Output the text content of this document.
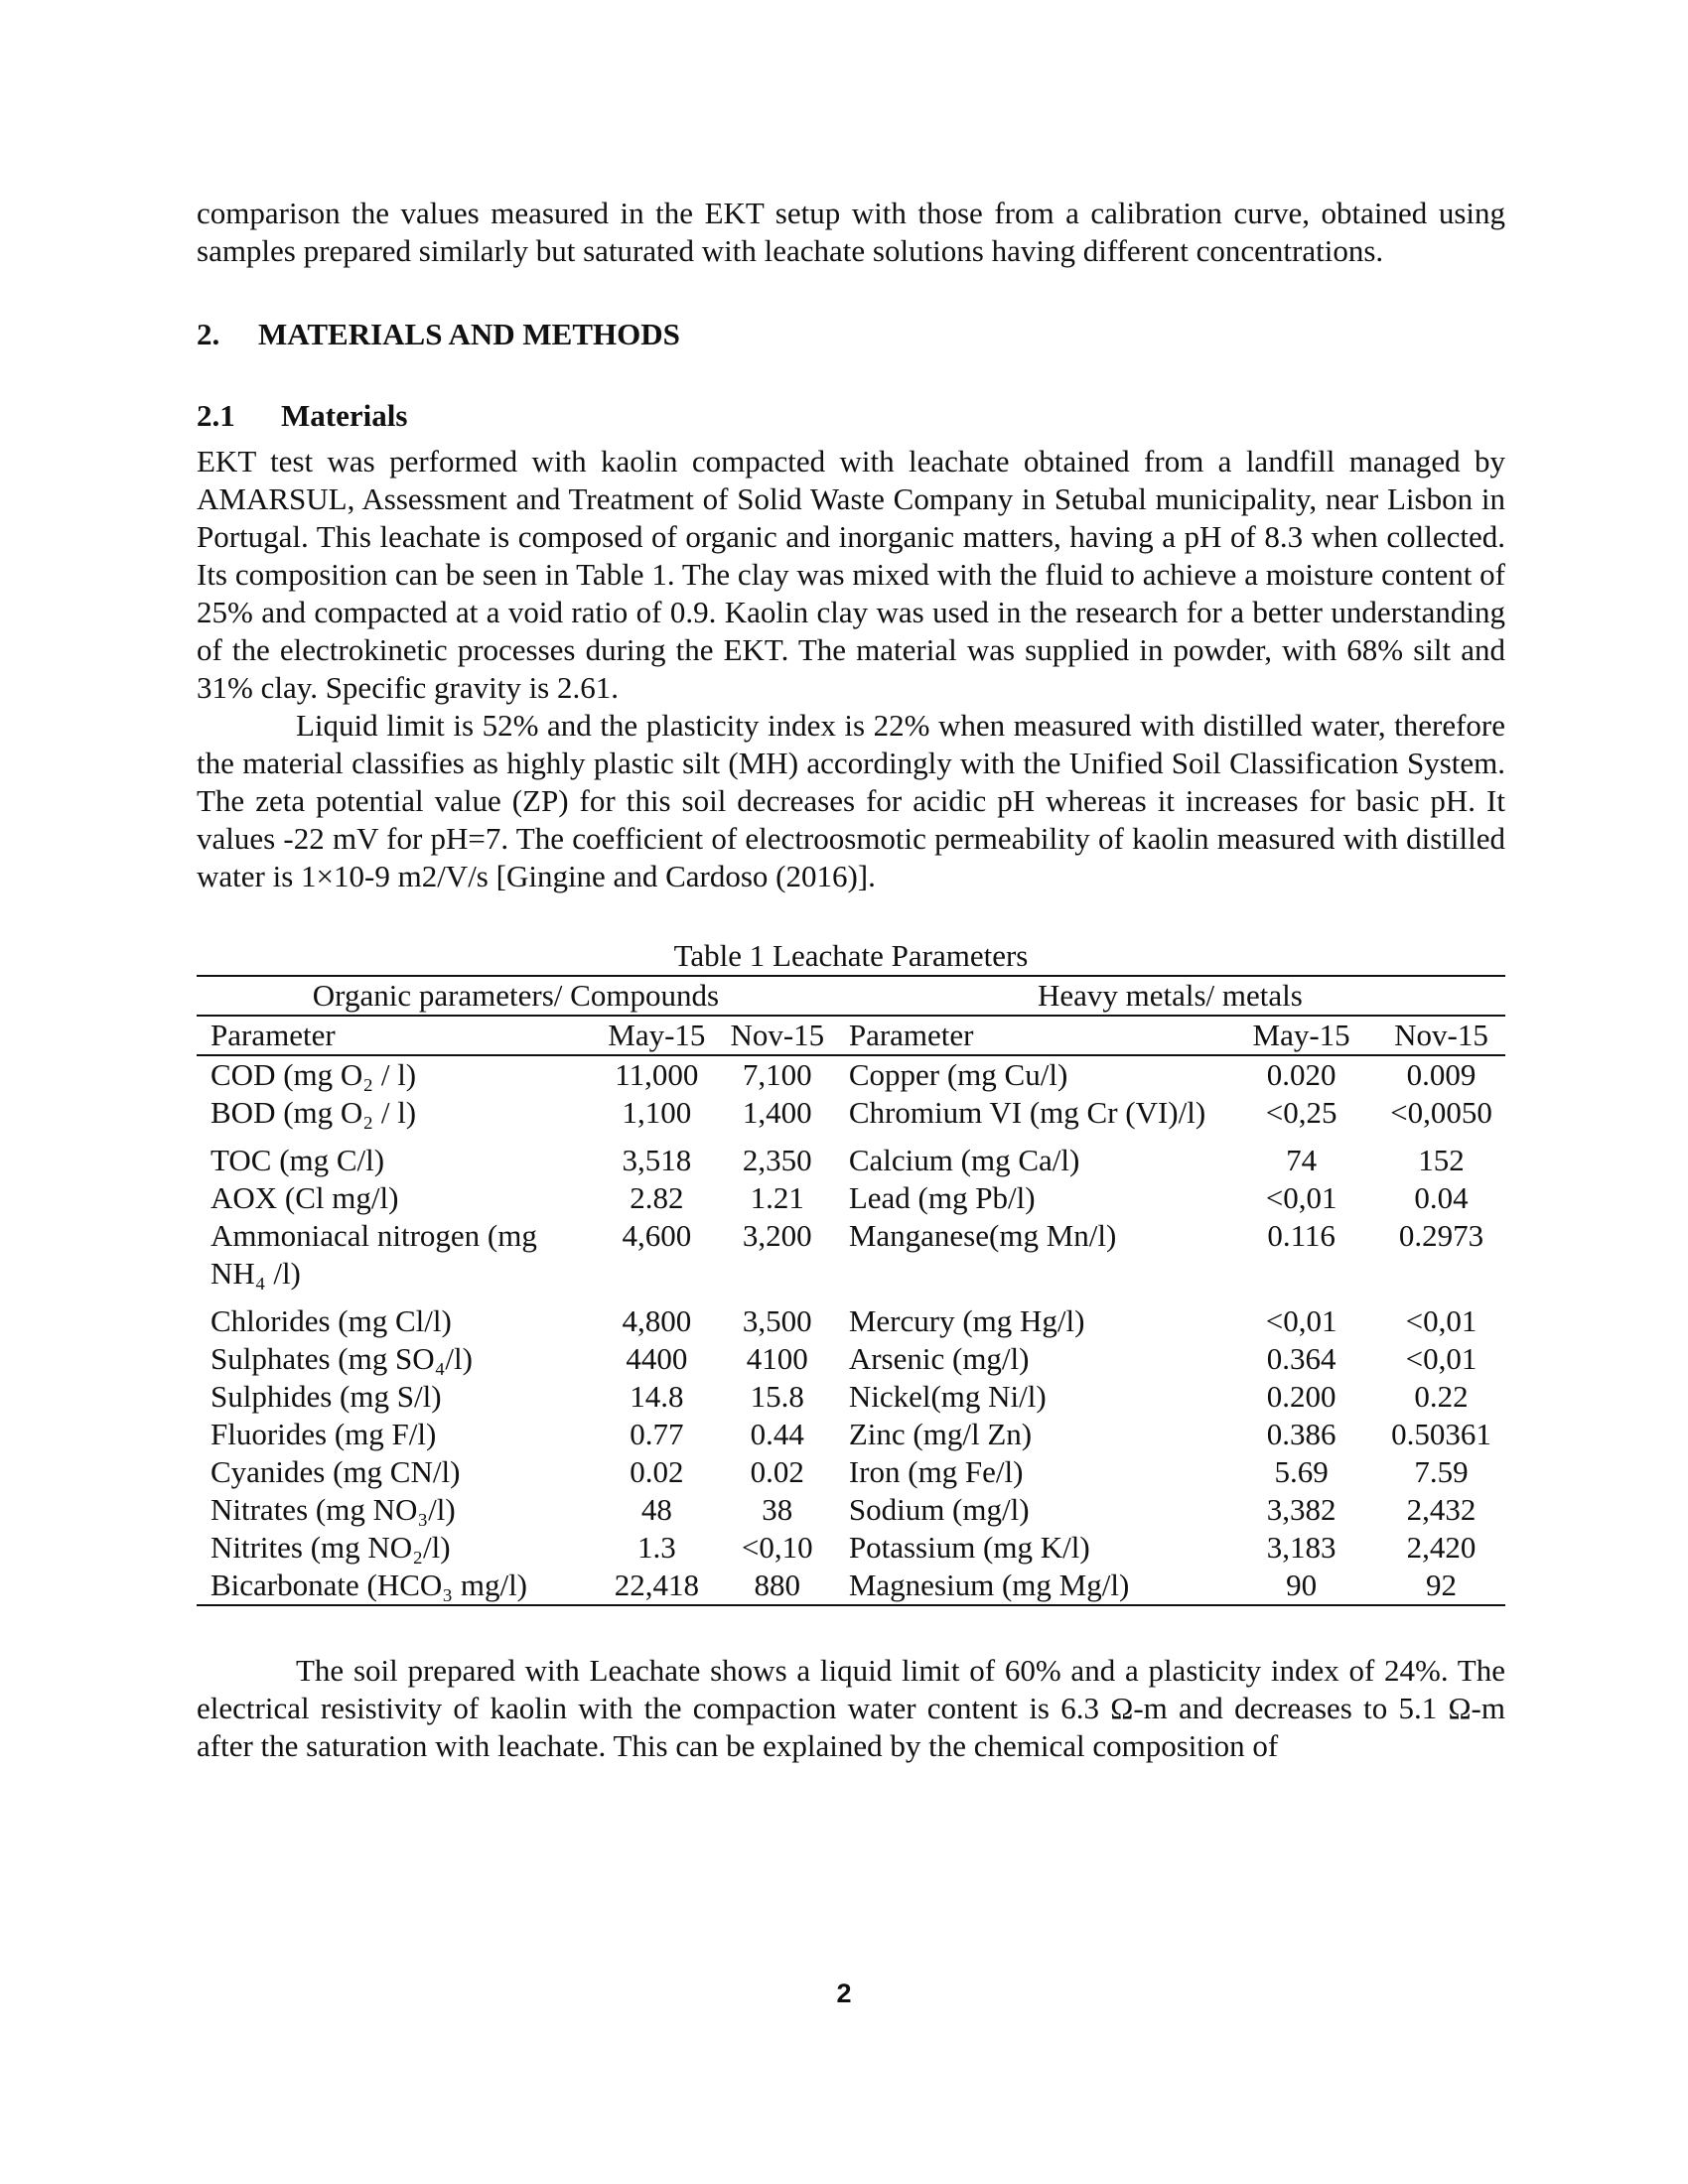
comparison the values measured in the EKT setup with those from a calibration curve, obtained using samples prepared similarly but saturated with leachate solutions having different concentrations.

2. MATERIALS AND METHODS

2.1 Materials

EKT test was performed with kaolin compacted with leachate obtained from a landfill managed by AMARSUL, Assessment and Treatment of Solid Waste Company in Setubal municipality, near Lisbon in Portugal. This leachate is composed of organic and inorganic matters, having a pH of 8.3 when collected. Its composition can be seen in Table 1. The clay was mixed with the fluid to achieve a moisture content of 25% and compacted at a void ratio of 0.9. Kaolin clay was used in the research for a better understanding of the electrokinetic processes during the EKT. The material was supplied in powder, with 68% silt and 31% clay. Specific gravity is 2.61.

Liquid limit is 52% and the plasticity index is 22% when measured with distilled water, therefore the material classifies as highly plastic silt (MH) accordingly with the Unified Soil Classification System. The zeta potential value (ZP) for this soil decreases for acidic pH whereas it increases for basic pH. It values -22 mV for pH=7. The coefficient of electroosmotic permeability of kaolin measured with distilled water is 1×10-9 m2/V/s [Gingine and Cardoso (2016)].

Table 1 Leachate Parameters
Organic parameters/ Compounds			Heavy metals/ metals		
Parameter	May-15	Nov-15	Parameter	May-15	Nov-15
COD (mg O₂ / l)	11,000	7,100	Copper (mg Cu/l)	0.020	0.009
BOD (mg O₂ / l)	1,100	1,400	Chromium VI (mg Cr (VI)/l)	<0,25	<0,0050
TOC (mg C/l)	3,518	2,350	Calcium (mg Ca/l)	74	152
AOX (Cl mg/l)	2.82	1.21	Lead (mg Pb/l)	<0,01	0.04
Ammoniacal nitrogen (mg NH₄ /l)	4,600	3,200	Manganese(mg Mn/l)	0.116	0.2973
Chlorides (mg Cl/l)	4,800	3,500	Mercury (mg Hg/l)	<0,01	<0,01
Sulphates (mg SO₄/l)	4400	4100	Arsenic (mg/l)	0.364	<0,01
Sulphides (mg S/l)	14.8	15.8	Nickel(mg Ni/l)	0.200	0.22
Fluorides (mg F/l)	0.77	0.44	Zinc (mg/l Zn)	0.386	0.50361
Cyanides (mg CN/l)	0.02	0.02	Iron (mg Fe/l)	5.69	7.59
Nitrates (mg NO₃/l)	48	38	Sodium (mg/l)	3,382	2,432
Nitrites (mg NO₂/l)	1.3	<0,10	Potassium (mg K/l)	3,183	2,420
Bicarbonate (HCO₃ mg/l)	22,418	880	Magnesium (mg Mg/l)	90	92

The soil prepared with Leachate shows a liquid limit of 60% and a plasticity index of 24%. The electrical resistivity of kaolin with the compaction water content is 6.3 Ω-m and decreases to 5.1 Ω-m after the saturation with leachate. This can be explained by the chemical composition of

2
